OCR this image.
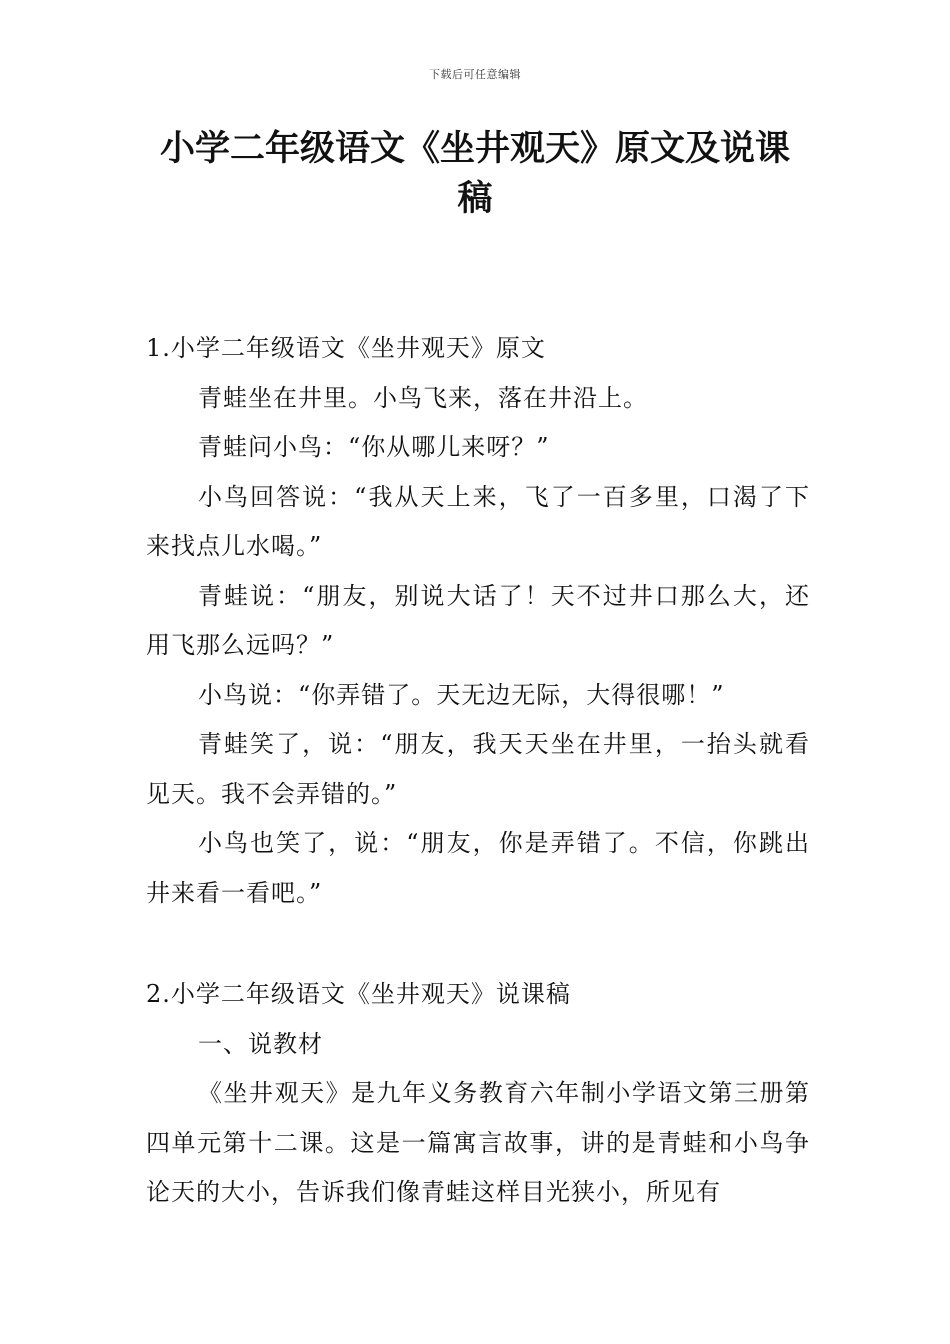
下载后可任意编辑
小学二年级语文《坐井观天》原文及说课稿

1.小学二年级语文《坐井观天》原文

青蛙坐在井里。小鸟飞来，落在井沿上。

青蛙问小鸟：“你从哪儿来呀？”

小鸟回答说：“我从天上来，飞了一百多里，口渴了下来找点儿水喝。”

青蛙说：“朋友，别说大话了！天不过井口那么大，还用飞那么远吗？”

小鸟说：“你弄错了。天无边无际，大得很哪！”

青蛙笑了，说：“朋友，我天天坐在井里，一抬头就看见天。我不会弄错的。”

小鸟也笑了，说：“朋友，你是弄错了。不信，你跳出井来看一看吧。”

2.小学二年级语文《坐井观天》说课稿

一、说教材

《坐井观天》是九年义务教育六年制小学语文第三册第四单元第十二课。这是一篇寓言故事，讲的是青蛙和小鸟争论天的大小，告诉我们像青蛙这样目光狭小，所见有
